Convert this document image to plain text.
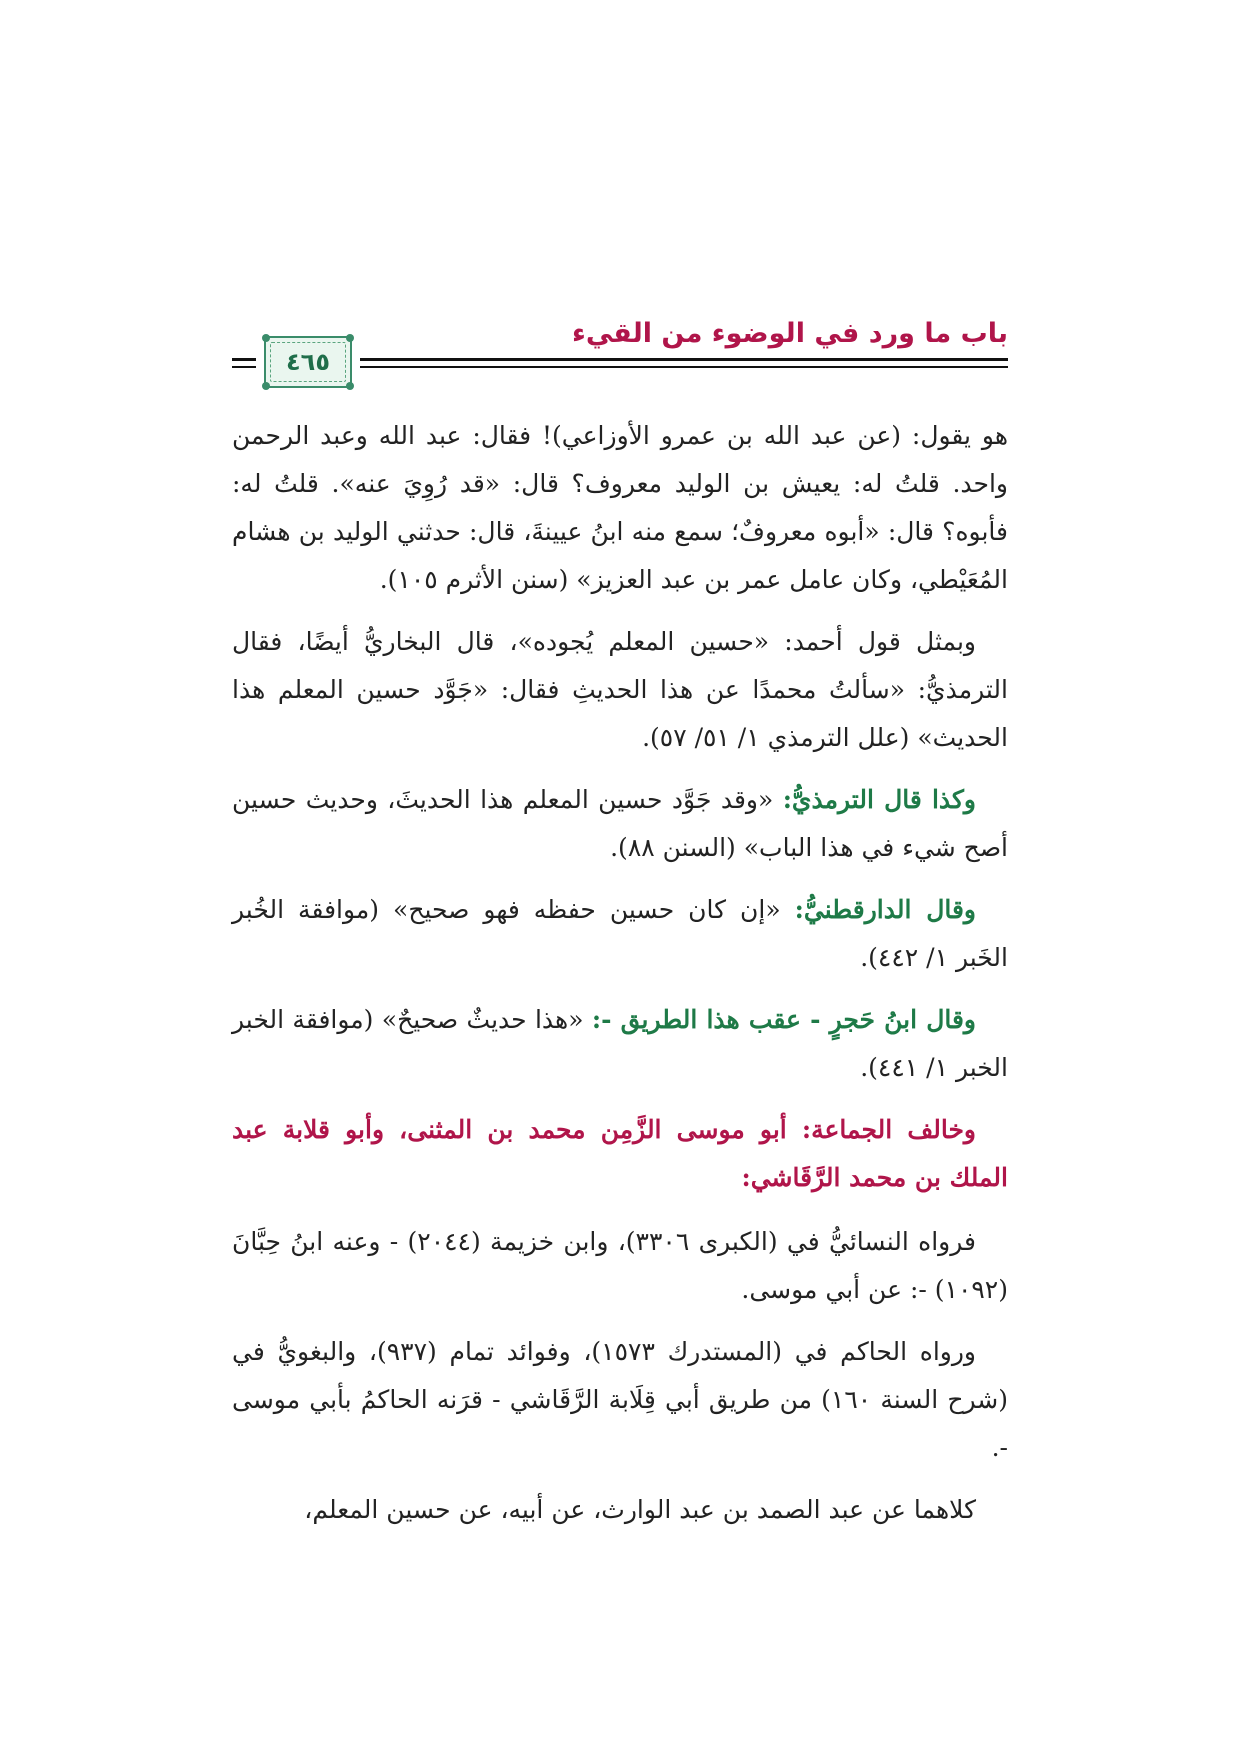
باب ما ورد في الوضوء من القيء
٤٦٥

هو يقول: (عن عبد الله بن عمرو الأوزاعي)! فقال: عبد الله وعبد الرحمن واحد. قلتُ له: يعيش بن الوليد معروف؟ قال: «قد رُوِيَ عنه». قلتُ له: فأبوه؟ قال: «أبوه معروفٌ؛ سمع منه ابنُ عيينةَ، قال: حدثني الوليد بن هشام المُعَيْطي، وكان عامل عمر بن عبد العزيز» (سنن الأثرم ١٠٥).

وبمثل قول أحمد: «حسين المعلم يُجوده»، قال البخاريُّ أيضًا، فقال الترمذيُّ: «سألتُ محمدًا عن هذا الحديثِ فقال: «جَوَّد حسين المعلم هذا الحديث» (علل الترمذي ١/ ٥١/ ٥٧).

وكذا قال الترمذيُّ: «وقد جَوَّد حسين المعلم هذا الحديثَ، وحديث حسين أصح شيء في هذا الباب» (السنن ٨٨).

وقال الدارقطنيُّ: «إن كان حسين حفظه فهو صحيح» (موافقة الخُبر الخَبر ١/ ٤٤٢).

وقال ابنُ حَجرٍ - عقب هذا الطريق -: «هذا حديثٌ صحيحٌ» (موافقة الخبر الخبر ١/ ٤٤١).

وخالف الجماعة: أبو موسى الزَّمِن محمد بن المثنى، وأبو قلابة عبد الملك بن محمد الرَّقَاشي:

فرواه النسائيُّ في (الكبرى ٣٣٠٦)، وابن خزيمة (٢٠٤٤) - وعنه ابنُ حِبَّانَ (١٠٩٢) -: عن أبي موسى.

ورواه الحاكم في (المستدرك ١٥٧٣)، وفوائد تمام (٩٣٧)، والبغويُّ في (شرح السنة ١٦٠) من طريق أبي قِلَابة الرَّقَاشي - قرَنه الحاكمُ بأبي موسى -.

كلاهما عن عبد الصمد بن عبد الوارث، عن أبيه، عن حسين المعلم،
